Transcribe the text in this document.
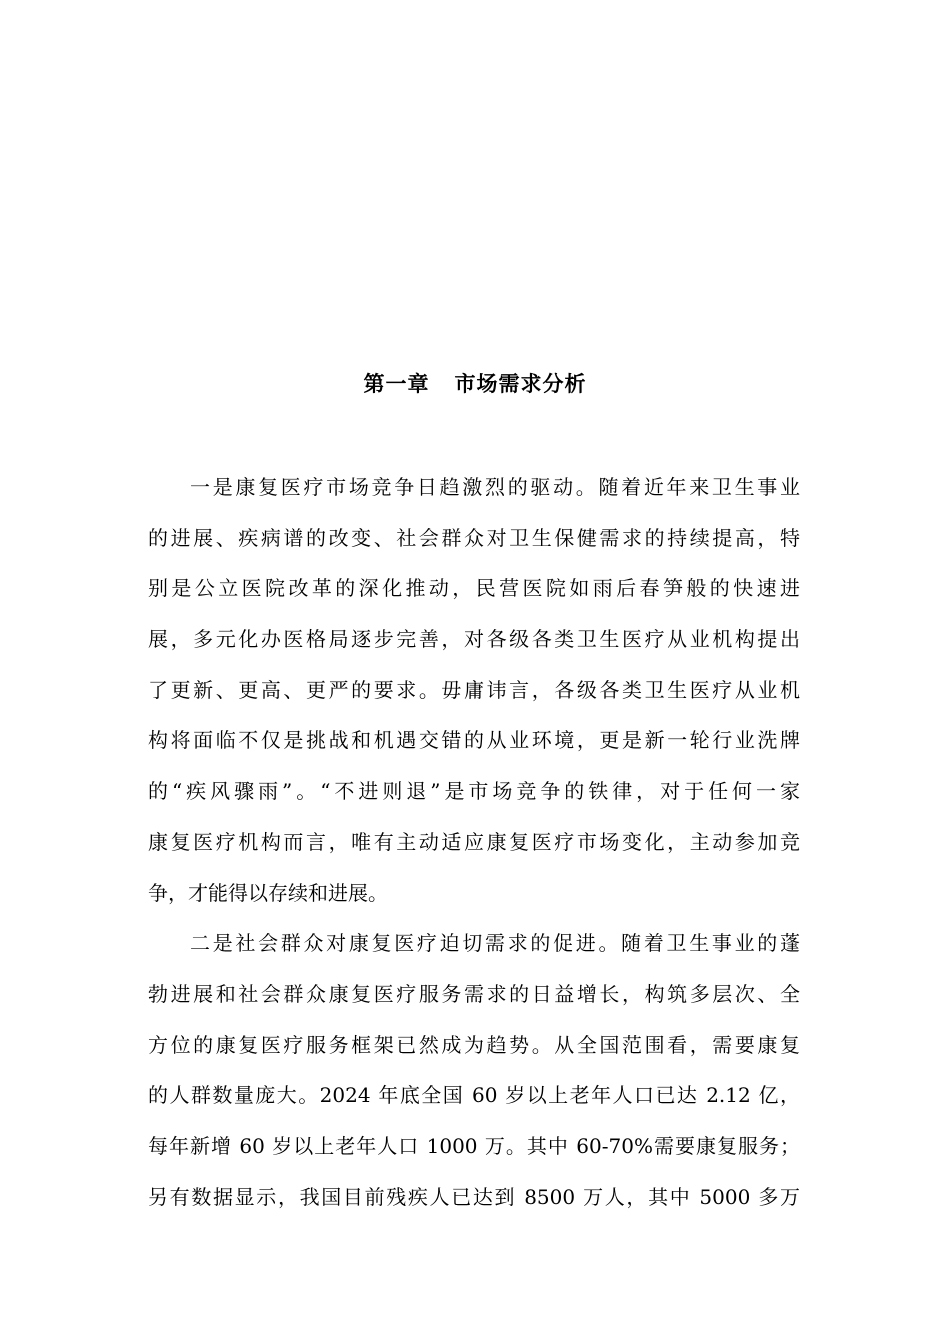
第一章   市场需求分析
一是康复医疗市场竞争日趋激烈的驱动。随着近年来卫生事业
的进展、疾病谱的改变、社会群众对卫生保健需求的持续提高，特
别是公立医院改革的深化推动，民营医院如雨后春笋般的快速进
展，多元化办医格局逐步完善，对各级各类卫生医疗从业机构提出
了更新、更高、更严的要求。毋庸讳言，各级各类卫生医疗从业机
构将面临不仅是挑战和机遇交错的从业环境，更是新一轮行业洗牌
的“疾风骤雨”。“不进则退”是市场竞争的铁律，对于任何一家
康复医疗机构而言，唯有主动适应康复医疗市场变化，主动参加竞
争，才能得以存续和进展。
二是社会群众对康复医疗迫切需求的促进。随着卫生事业的蓬
勃进展和社会群众康复医疗服务需求的日益增长，构筑多层次、全
方位的康复医疗服务框架已然成为趋势。从全国范围看，需要康复
的人群数量庞大。2024 年底全国 60 岁以上老年人口已达 2.12 亿，
每年新增 60 岁以上老年人口 1000 万。其中 60-70%需要康复服务；
另有数据显示，我国目前残疾人已达到 8500 万人，其中 5000 多万
